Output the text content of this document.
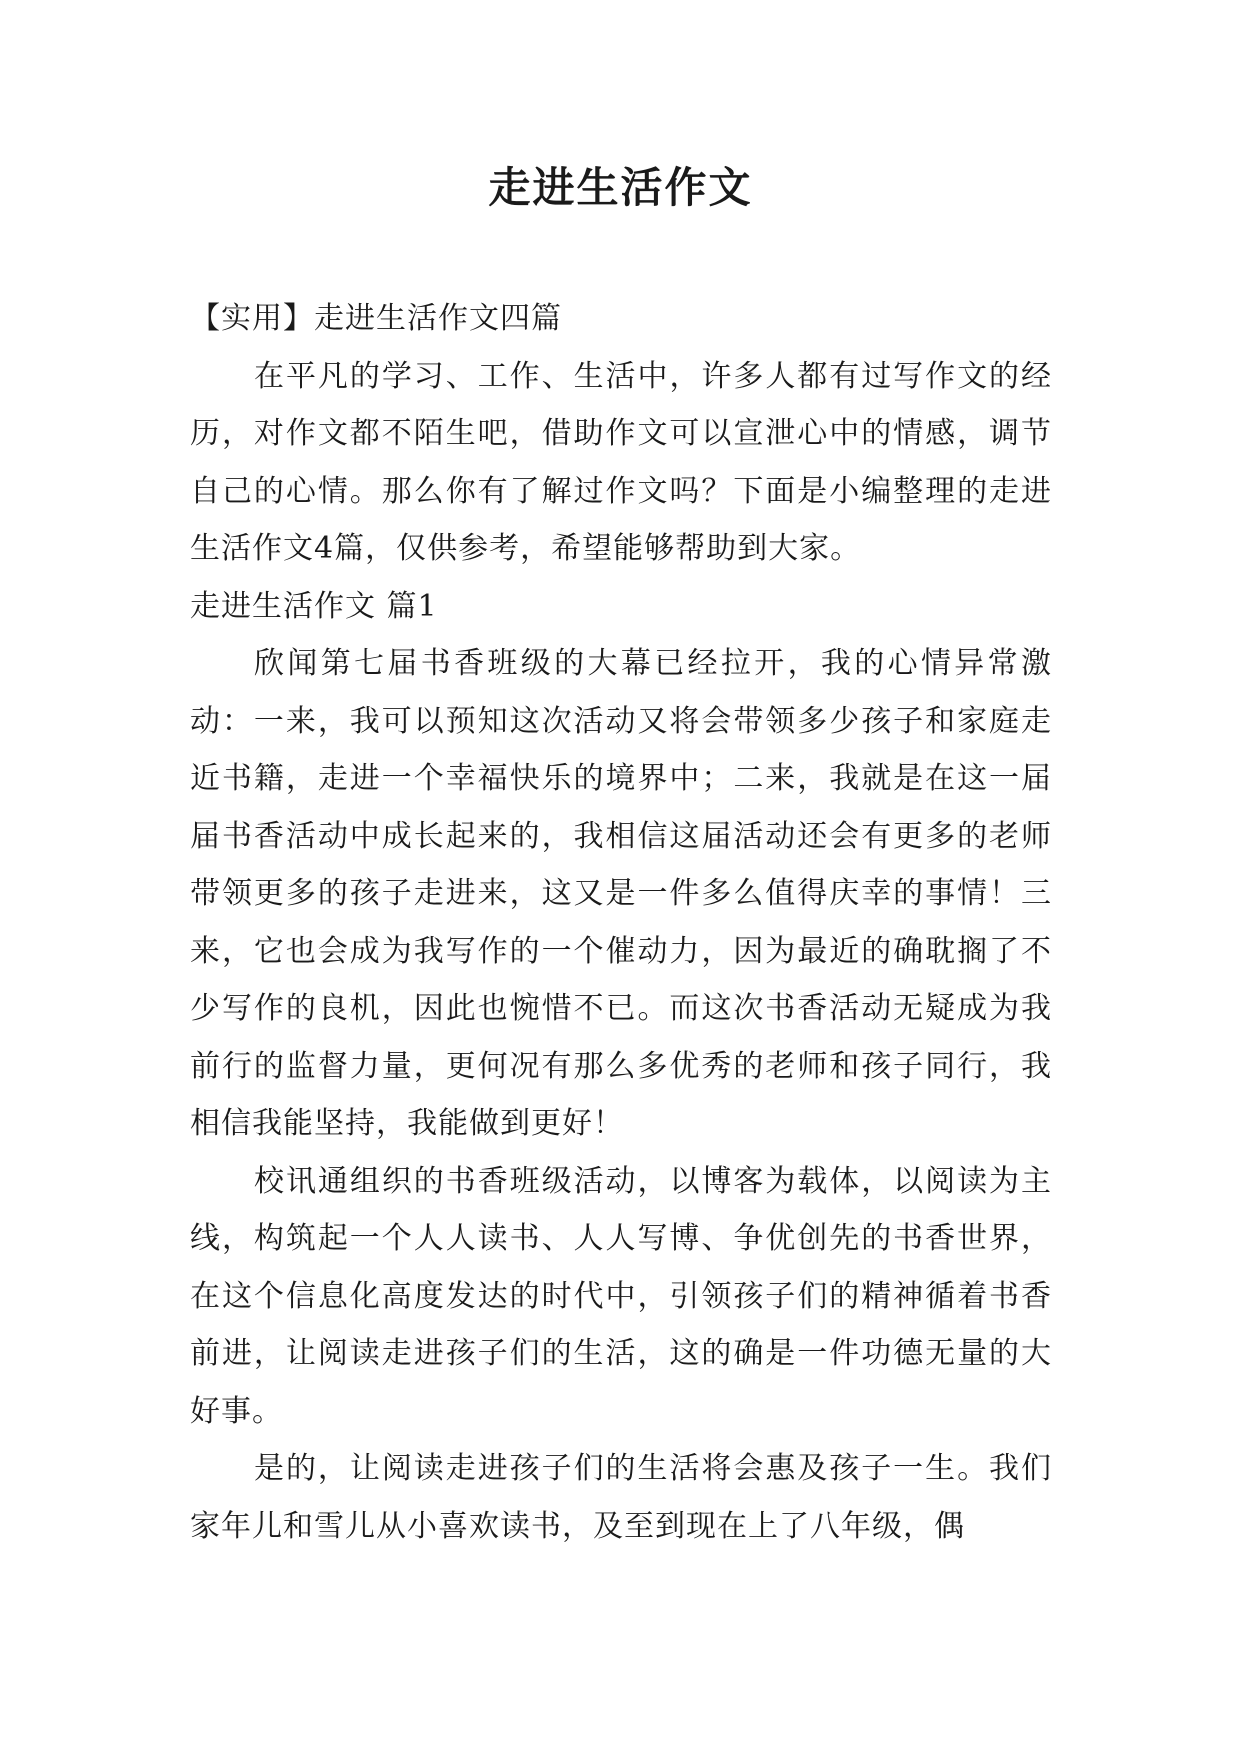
走进生活作文

【实用】走进生活作文四篇

在平凡的学习、工作、生活中，许多人都有过写作文的经历，对作文都不陌生吧，借助作文可以宣泄心中的情感，调节自己的心情。那么你有了解过作文吗？下面是小编整理的走进生活作文4篇，仅供参考，希望能够帮助到大家。

走进生活作文 篇1

欣闻第七届书香班级的大幕已经拉开，我的心情异常激动：一来，我可以预知这次活动又将会带领多少孩子和家庭走近书籍，走进一个幸福快乐的境界中；二来，我就是在这一届届书香活动中成长起来的，我相信这届活动还会有更多的老师带领更多的孩子走进来，这又是一件多么值得庆幸的事情！三来，它也会成为我写作的一个催动力，因为最近的确耽搁了不少写作的良机，因此也惋惜不已。而这次书香活动无疑成为我前行的监督力量，更何况有那么多优秀的老师和孩子同行，我相信我能坚持，我能做到更好！

校讯通组织的书香班级活动，以博客为载体，以阅读为主线，构筑起一个人人读书、人人写博、争优创先的书香世界，在这个信息化高度发达的时代中，引领孩子们的精神循着书香前进，让阅读走进孩子们的生活，这的确是一件功德无量的大好事。

是的，让阅读走进孩子们的生活将会惠及孩子一生。我们家年儿和雪儿从小喜欢读书，及至到现在上了八年级，偶
